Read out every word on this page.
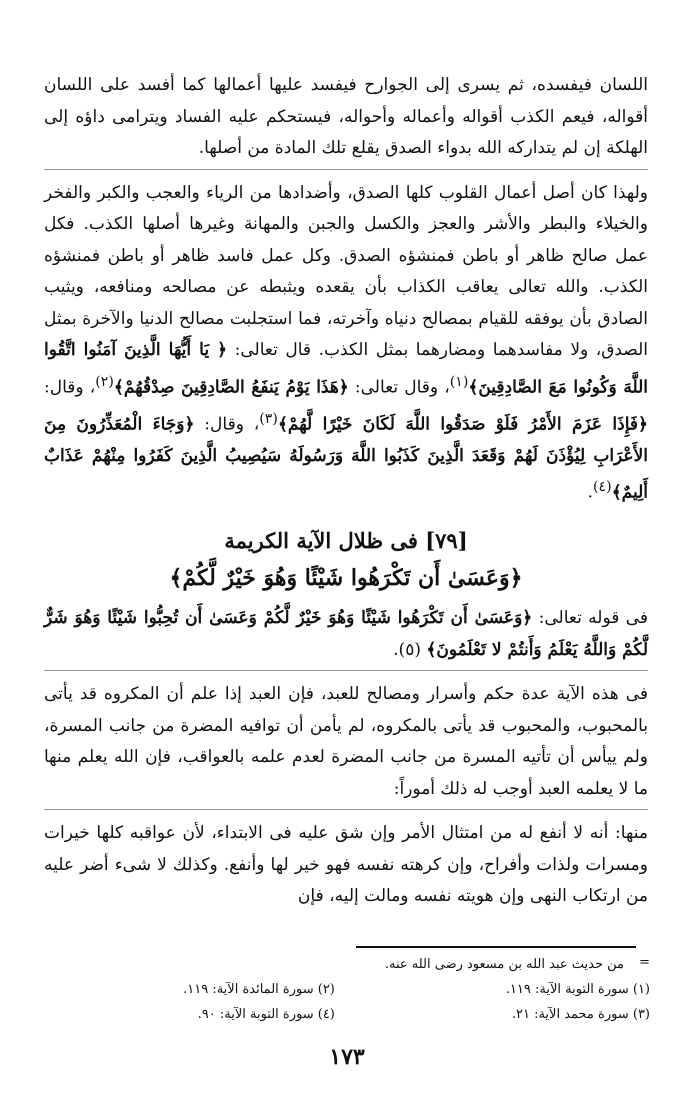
اللسان فيفسده، ثم يسرى إلى الجوارح فيفسد عليها أعمالها كما أفسد على اللسان أقواله، فيعم الكذب أقواله وأعماله وأحواله، فيستحكم عليه الفساد ويترامى داؤه إلى الهلكة إن لم يتداركه الله بدواء الصدق يقلع تلك المادة من أصلها.

ولهذا كان أصل أعمال القلوب كلها الصدق، وأضدادها من الرياء والعجب والكبر والفخر والخيلاء والبطر والأشر والعجز والكسل والجبن والمهانة وغيرها أصلها الكذب. فكل عمل صالح ظاهر أو باطن فمنشؤه الصدق. وكل عمل فاسد ظاهر أو باطن فمنشؤه الكذب. والله تعالى يعاقب الكذاب بأن يقعده ويثبطه عن مصالحه ومنافعه، ويثيب الصادق بأن يوفقه للقيام بمصالح دنياه وآخرته، فما استجلبت مصالح الدنيا والآخرة بمثل الصدق، ولا مفاسدهما ومضارهما بمثل الكذب. قال تعالى: ﴿ يَا أَيُّهَا الَّذِينَ آمَنُوا اتَّقُوا اللَّهَ وَكُونُوا مَعَ الصَّادِقِينَ﴾$^{(١)}$، وقال تعالى: ﴿هَذَا يَوْمُ يَنفَعُ الصَّادِقِينَ صِدْقُهُمْ﴾$^{(٢)}$، وقال: ﴿فَإِذَا عَزَمَ الأَمْرُ فَلَوْ صَدَقُوا اللَّهَ لَكَانَ خَيْرًا لَّهُمْ﴾$^{(٣)}$، وقال: ﴿وَجَاءَ الْمُعَذِّرُونَ مِنَ الأَعْرَابِ لِيُؤْذَنَ لَهُمْ وَقَعَدَ الَّذِينَ كَذَبُوا اللَّهَ وَرَسُولَهُ سَيُصِيبُ الَّذِينَ كَفَرُوا مِنْهُمْ عَذَابٌ أَلِيمٌ﴾$^{(٤)}$.

[٧٩] فى ظلال الآية الكريمة

﴿وَعَسَىٰ أَن تَكْرَهُوا شَيْئًا وَهُوَ خَيْرٌ لَّكُمْ﴾

فى قوله تعالى: ﴿وَعَسَىٰ أَن تَكْرَهُوا شَيْئًا وَهُوَ خَيْرٌ لَّكُمْ وَعَسَىٰ أَن تُحِبُّوا شَيْئًا وَهُوَ شَرٌّ لَّكُمْ وَاللَّهُ يَعْلَمُ وَأَنتُمْ لا تَعْلَمُونَ﴾ (٥).

فى هذه الآية عدة حكم وأسرار ومصالح للعبد، فإن العبد إذا علم أن المكروه قد يأتى بالمحبوب، والمحبوب قد يأتى بالمكروه، لم يأمن أن توافيه المضرة من جانب المسرة، ولم ييأس أن تأتيه المسرة من جانب المضرة لعدم علمه بالعواقب، فإن الله يعلم منها ما لا يعلمه العبد أوجب له ذلك أموراً:

منها: أنه لا أنفع له من امتثال الأمر وإن شق عليه فى الابتداء، لأن عواقبه كلها خيرات ومسرات ولذات وأفراح، وإن كرهته نفسه فهو خير لها وأنفع. وكذلك لا شىء أضر عليه من ارتكاب النهى وإن هويته نفسه ومالت إليه، فإن

=
من حديث عبد الله بن مسعود رضى الله عنه.
(١) سورة التوبة الآية: ١١٩.
(٢) سورة المائدة الآية: ١١٩.
(٣) سورة محمد الآية: ٢١.
(٤) سورة التوبة الآية: ٩٠.
١٧٣
